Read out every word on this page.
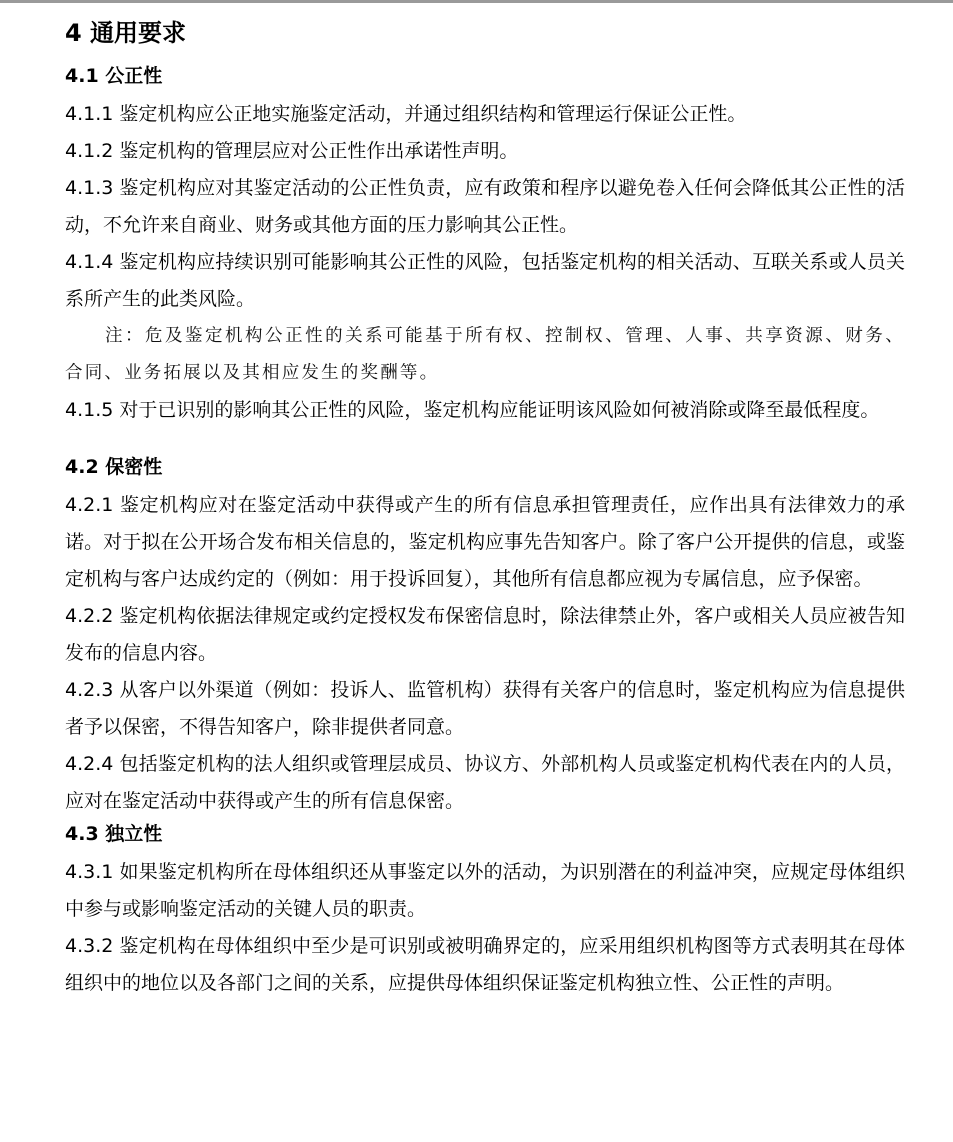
4 通用要求
4.1 公正性

4.1.1 鉴定机构应公正地实施鉴定活动，并通过组织结构和管理运行保证公正性。

4.1.2 鉴定机构的管理层应对公正性作出承诺性声明。

4.1.3 鉴定机构应对其鉴定活动的公正性负责，应有政策和程序以避免卷入任何会降低其公正性的活动，不允许来自商业、财务或其他方面的压力影响其公正性。

4.1.4 鉴定机构应持续识别可能影响其公正性的风险，包括鉴定机构的相关活动、互联关系或人员关系所产生的此类风险。

注：危及鉴定机构公正性的关系可能基于所有权、控制权、管理、人事、共享资源、财务、合同、业务拓展以及其相应发生的奖酬等。

4.1.5 对于已识别的影响其公正性的风险，鉴定机构应能证明该风险如何被消除或降至最低程度。

4.2 保密性

4.2.1 鉴定机构应对在鉴定活动中获得或产生的所有信息承担管理责任，应作出具有法律效力的承诺。对于拟在公开场合发布相关信息的，鉴定机构应事先告知客户。除了客户公开提供的信息，或鉴定机构与客户达成约定的（例如：用于投诉回复），其他所有信息都应视为专属信息，应予保密。

4.2.2 鉴定机构依据法律规定或约定授权发布保密信息时，除法律禁止外，客户或相关人员应被告知发布的信息内容。

4.2.3 从客户以外渠道（例如：投诉人、监管机构）获得有关客户的信息时，鉴定机构应为信息提供者予以保密，不得告知客户，除非提供者同意。

4.2.4 包括鉴定机构的法人组织或管理层成员、协议方、外部机构人员或鉴定机构代表在内的人员，应对在鉴定活动中获得或产生的所有信息保密。

4.3 独立性

4.3.1 如果鉴定机构所在母体组织还从事鉴定以外的活动，为识别潜在的利益冲突，应规定母体组织中参与或影响鉴定活动的关键人员的职责。

4.3.2 鉴定机构在母体组织中至少是可识别或被明确界定的，应采用组织机构图等方式表明其在母体组织中的地位以及各部门之间的关系，应提供母体组织保证鉴定机构独立性、公正性的声明。
